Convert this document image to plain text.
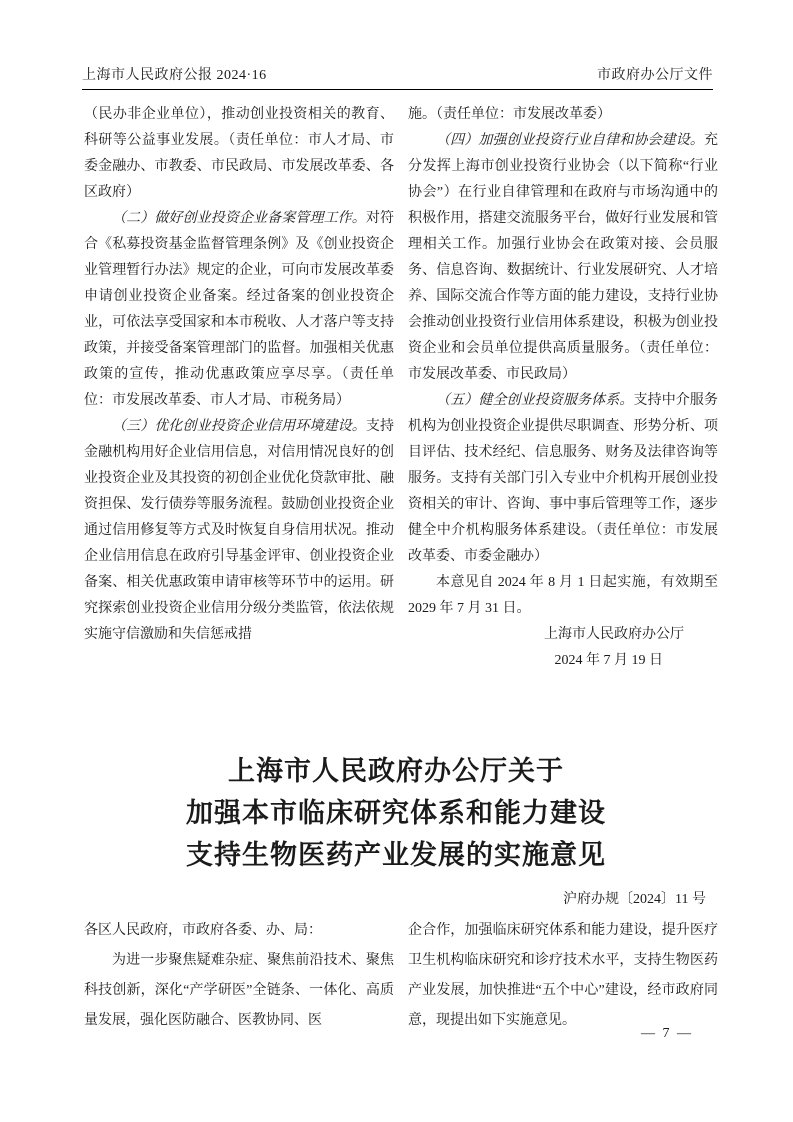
上海市人民政府公报 2024·16	市政府办公厅文件

（民办非企业单位），推动创业投资相关的教育、科研等公益事业发展。（责任单位：市人才局、市委金融办、市教委、市民政局、市发展改革委、各区政府）

（二）做好创业投资企业备案管理工作。对符合《私募投资基金监督管理条例》及《创业投资企业管理暂行办法》规定的企业，可向市发展改革委申请创业投资企业备案。经过备案的创业投资企业，可依法享受国家和本市税收、人才落户等支持政策，并接受备案管理部门的监督。加强相关优惠政策的宣传，推动优惠政策应享尽享。（责任单位：市发展改革委、市人才局、市税务局）

（三）优化创业投资企业信用环境建设。支持金融机构用好企业信用信息，对信用情况良好的创业投资企业及其投资的初创企业优化贷款审批、融资担保、发行债券等服务流程。鼓励创业投资企业通过信用修复等方式及时恢复自身信用状况。推动企业信用信息在政府引导基金评审、创业投资企业备案、相关优惠政策申请审核等环节中的运用。研究探索创业投资企业信用分级分类监管，依法依规实施守信激励和失信惩戒措

施。（责任单位：市发展改革委）

（四）加强创业投资行业自律和协会建设。充分发挥上海市创业投资行业协会（以下简称“行业协会”）在行业自律管理和在政府与市场沟通中的积极作用，搭建交流服务平台，做好行业发展和管理相关工作。加强行业协会在政策对接、会员服务、信息咨询、数据统计、行业发展研究、人才培养、国际交流合作等方面的能力建设，支持行业协会推动创业投资行业信用体系建设，积极为创业投资企业和会员单位提供高质量服务。（责任单位：市发展改革委、市民政局）

（五）健全创业投资服务体系。支持中介服务机构为创业投资企业提供尽职调查、形势分析、项目评估、技术经纪、信息服务、财务及法律咨询等服务。支持有关部门引入专业中介机构开展创业投资相关的审计、咨询、事中事后管理等工作，逐步健全中介机构服务体系建设。（责任单位：市发展改革委、市委金融办）

本意见自 2024 年 8 月 1 日起实施，有效期至 2029 年 7 月 31 日。

上海市人民政府办公厅

2024 年 7 月 19 日

上海市人民政府办公厅关于
加强本市临床研究体系和能力建设
支持生物医药产业发展的实施意见
沪府办规〔2024〕11 号

各区人民政府，市政府各委、办、局：

为进一步聚焦疑难杂症、聚焦前沿技术、聚焦科技创新，深化“产学研医”全链条、一体化、高质量发展，强化医防融合、医教协同、医

企合作，加强临床研究体系和能力建设，提升医疗卫生机构临床研究和诊疗技术水平，支持生物医药产业发展，加快推进“五个中心”建设，经市政府同意，现提出如下实施意见。

— 7 —
